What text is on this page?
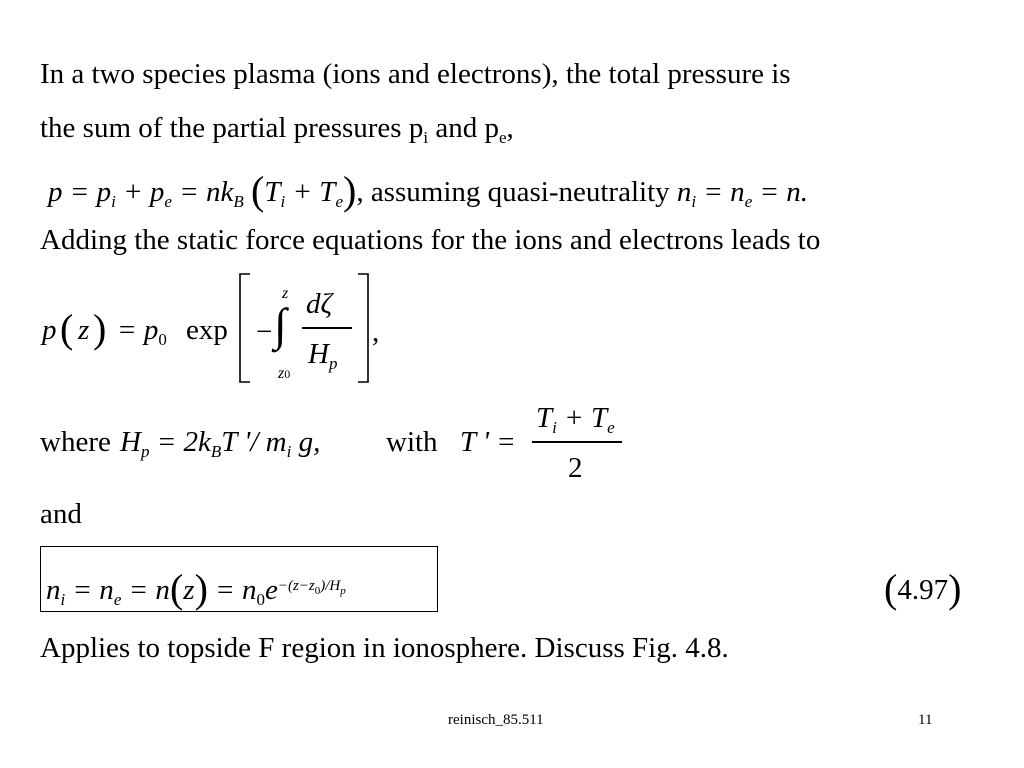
In a two species plasma (ions and electrons), the total pressure is
the sum of the partial pressures $p_i$ and $p_e$,
$p = p_i + p_e = nk_B$ $(T_i + T_e)$, assuming quasi-neutrality $n_i = n_e = n$.
Adding the static force equations for the ions and electrons leads to
p ( z ) = $p_0$ exp − ∫
z
z0
dζ
$H_p$
,
where $H_p = 2k_BT$ '/ $m_i$ g, with T ' =
$T_i + T_e$
2
and
$n_i = n_e = n(z) = n_0e^{-(z-z_0)/H_p}$	(4.97)
Applies to topside F region in ionosphere. Discuss Fig. 4.8.
reinisch_85.511	11
